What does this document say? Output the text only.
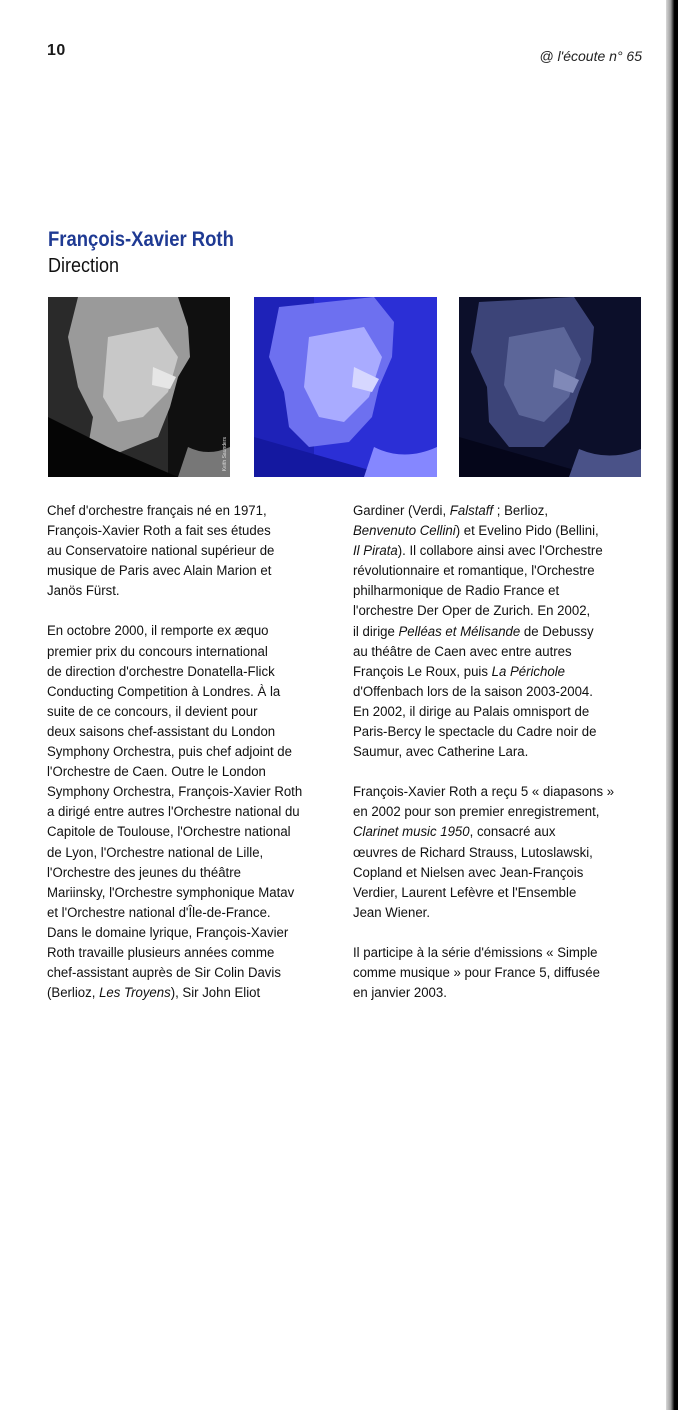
10	@ l'écoute n° 65
François-Xavier Roth
Direction
Keith Saunders

Chef d'orchestre français né en 1971,
François-Xavier Roth a fait ses études
au Conservatoire national supérieur de
musique de Paris avec Alain Marion et
Janös Fürst.

En octobre 2000, il remporte ex æquo
premier prix du concours international
de direction d'orchestre Donatella-Flick
Conducting Competition à Londres. À la
suite de ce concours, il devient pour
deux saisons chef-assistant du London
Symphony Orchestra, puis chef adjoint de
l'Orchestre de Caen. Outre le London
Symphony Orchestra, François-Xavier Roth
a dirigé entre autres l'Orchestre national du
Capitole de Toulouse, l'Orchestre national
de Lyon, l'Orchestre national de Lille,
l'Orchestre des jeunes du théâtre
Mariinsky, l'Orchestre symphonique Matav
et l'Orchestre national d'Île-de-France.
Dans le domaine lyrique, François-Xavier
Roth travaille plusieurs années comme
chef-assistant auprès de Sir Colin Davis
(Berlioz, Les Troyens), Sir John Eliot

Gardiner (Verdi, Falstaff ; Berlioz,
Benvenuto Cellini) et Evelino Pido (Bellini,
Il Pirata). Il collabore ainsi avec l'Orchestre
révolutionnaire et romantique, l'Orchestre
philharmonique de Radio France et
l'orchestre Der Oper de Zurich. En 2002,
il dirige Pelléas et Mélisande de Debussy
au théâtre de Caen avec entre autres
François Le Roux, puis La Périchole
d'Offenbach lors de la saison 2003-2004.
En 2002, il dirige au Palais omnisport de
Paris-Bercy le spectacle du Cadre noir de
Saumur, avec Catherine Lara.

François-Xavier Roth a reçu 5 « diapasons »
en 2002 pour son premier enregistrement,
Clarinet music 1950, consacré aux
œuvres de Richard Strauss, Lutoslawski,
Copland et Nielsen avec Jean-François
Verdier, Laurent Lefèvre et l'Ensemble
Jean Wiener.

Il participe à la série d'émissions « Simple
comme musique » pour France 5, diffusée
en janvier 2003.
